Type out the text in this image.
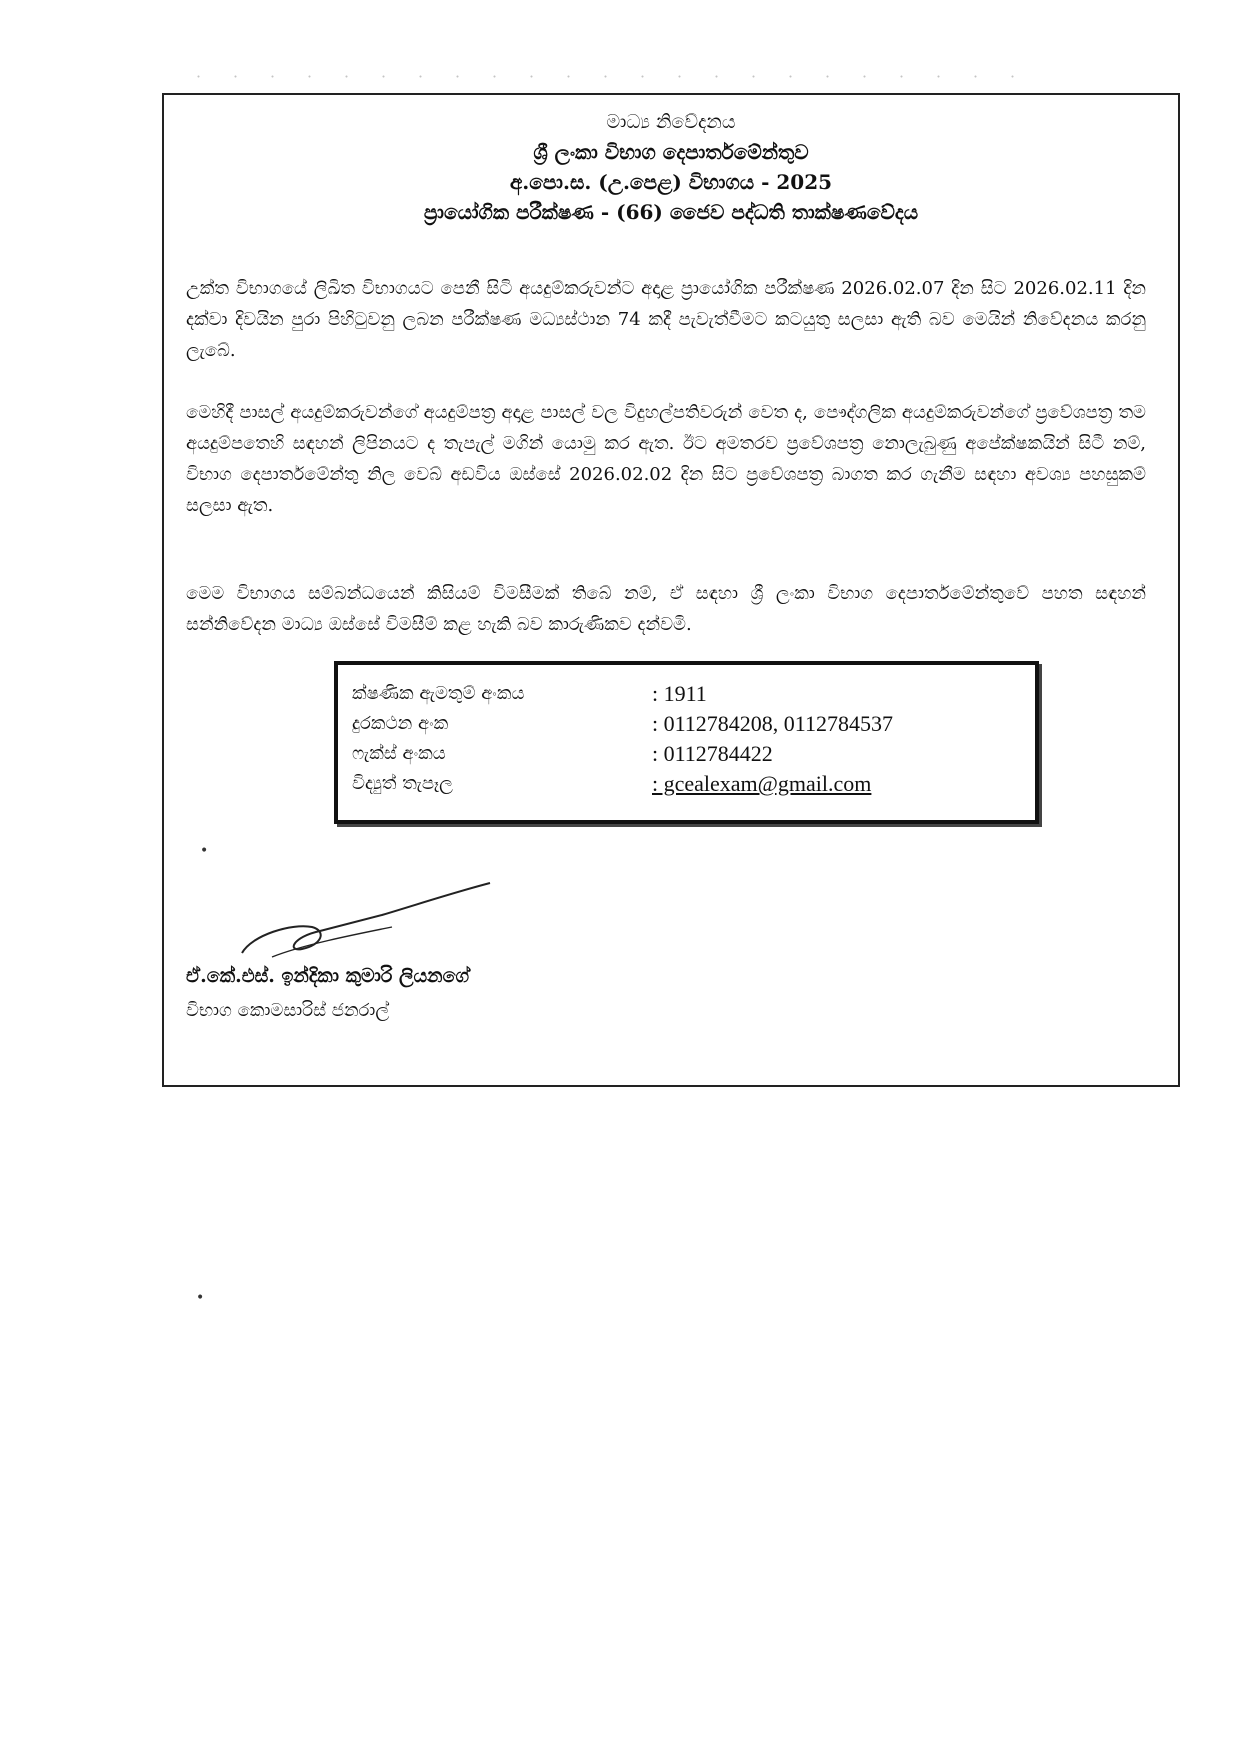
මාධ්‍ය නිවේදනය
ශ්‍රී ලංකා විභාග දෙපාර්තමේන්තුව
අ.පො.ස. (උ.පෙළ) විභාගය - 2025
ප්‍රායෝගික පරීක්ෂණ - (66) ජෛව පද්ධති තාක්ෂණවේදය
උක්ත විභාගයේ ලිඛිත විභාගයට පෙනී සිටි අයදුම්කරුවන්ට අදාළ ප්‍රායෝගික පරීක්ෂණ 2026.02.07 දින සිට 2026.02.11 දින දක්වා දිවයින පුරා පිහිටුවනු ලබන පරීක්ෂණ මධ්‍යස්ථාන 74 කදී පැවැත්වීමට කටයුතු සලසා ඇති බව මෙයින් නිවේදනය කරනු ලැබේ.
මෙහිදී පාසල් අයදුම්කරුවන්ගේ අයදුම්පත්‍ර අදාළ පාසල් වල විදුහල්පතිවරුන් වෙත ද, පෞද්ගලික අයදුම්කරුවන්ගේ ප්‍රවේශපත්‍ර තම අයදුම්පතෙහි සඳහන් ලිපිනයට ද තැපැල් මගින් යොමු කර ඇත. ඊට අමතරව ප්‍රවේශපත්‍ර නොලැබුණු අපේක්ෂකයින් සිටී නම්, විභාග දෙපාර්තමේන්තු නිල වෙබ් අඩවිය ඔස්සේ 2026.02.02 දින සිට ප්‍රවේශපත්‍ර බාගත කර ගැනීම සඳහා අවශ්‍ය පහසුකම් සලසා ඇත.
මෙම විභාගය සම්බන්ධයෙන් කිසියම් විමසීමක් තිබේ නම්, ඒ සඳහා ශ්‍රී ලංකා විභාග දෙපාර්තමේන්තුවේ පහත සඳහන් සන්නිවේදන මාධ්‍ය ඔස්සේ විමසීම් කළ හැකි බව කාරුණිකව දන්වමි.
ක්ෂණික ඇමතුම් අංකය	: 1911
දුරකථන අංක	: 0112784208, 0112784537
ෆැක්ස් අංකය	: 0112784422
විද්‍යුත් තැපෑල	: gcealexam@gmail.com
ඒ.කේ.එස්. ඉන්දිකා කුමාරි ලියනගේ
විභාග කොමසාරිස් ජනරාල්
•
•
